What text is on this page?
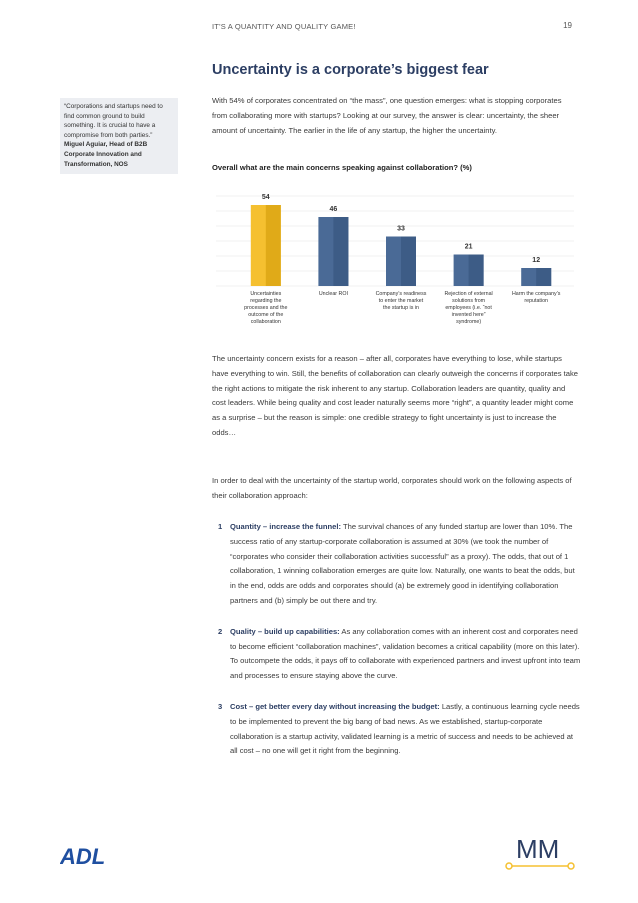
IT'S A QUANTITY AND QUALITY GAME!	19
Uncertainty is a corporate’s biggest fear
“Corporations and startups need to find common ground to build something. It is crucial to have a compromise from both parties.”
Miguel Aguiar, Head of B2B Corporate Innovation and Transformation, NOS

With 54% of corporates concentrated on “the mass”, one question emerges: what is stopping corporates from collaborating more with startups? Looking at our survey, the answer is clear: uncertainty, the sheer amount of uncertainty. The earlier in the life of any startup, the higher the uncertainty.

Overall what are the main concerns speaking against collaboration? (%)
54
Uncertainties regarding the processes and the outcome of the collaboration
46
Unclear ROI
33
Company’s readiness to enter the market the startup is in
21
Rejection of external solutions from employees (i.e. “not invented here” syndrome)
12
Harm the company’s reputation

The uncertainty concern exists for a reason – after all, corporates have everything to lose, while startups have everything to win. Still, the benefits of collaboration can clearly outweigh the concerns if corporates take the right actions to mitigate the risk inherent to any startup. Collaboration leaders are quantity, quality and cost leaders. While being quality and cost leader naturally seems more “right”, a quantity leader might come as a surprise – but the reason is simple: one credible strategy to fight uncertainty is just to increase the odds…

In order to deal with the uncertainty of the startup world, corporates should work on the following aspects of their collaboration approach:

1 Quantity – increase the funnel: The survival chances of any funded startup are lower than 10%. The success ratio of any startup-corporate collaboration is assumed at 30% (we took the number of “corporates who consider their collaboration activities successful” as a proxy). The odds, that out of 1 collaboration, 1 winning collaboration emerges are quite low. Naturally, one wants to beat the odds, but in the end, odds are odds and corporates should (a) be extremely good in identifying collaboration partners and (b) simply be out there and try.
2 Quality – build up capabilities: As any collaboration comes with an inherent cost and corporates need to become efficient “collaboration machines”, validation becomes a critical capability (more on this later). To outcompete the odds, it pays off to collaborate with experienced partners and invest upfront into team and processes to ensure staying above the curve.
3 Cost – get better every day without increasing the budget: Lastly, a continuous learning cycle needs to be implemented to prevent the big bang of bad news. As we established, startup-corporate collaboration is a startup activity, validated learning is a metric of success and needs to be achieved at all cost – no one will get it right from the beginning.
ADL	MM
